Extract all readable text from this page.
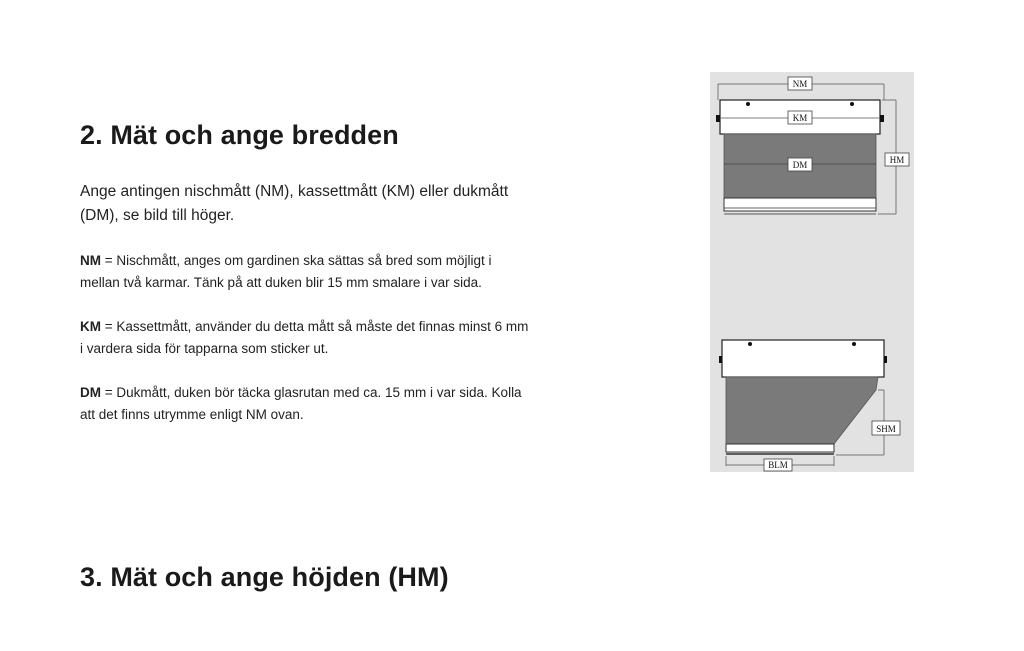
2. Mät och ange bredden

Ange antingen nischmått (NM), kassettmått (KM) eller dukmått (DM), se bild till höger.

NM = Nischmått, anges om gardinen ska sättas så bred som möjligt i mellan två karmar. Tänk på att duken blir 15 mm smalare i var sida.

KM = Kassettmått, använder du detta mått så måste det finnas minst 6 mm i vardera sida för tapparna som sticker ut.

DM = Dukmått, duken bör täcka glasrutan med ca. 15 mm i var sida. Kolla att det finns utrymme enligt NM ovan.

NM
KM
DM	HM
SHM
BLM
3. Mät och ange höjden (HM)
